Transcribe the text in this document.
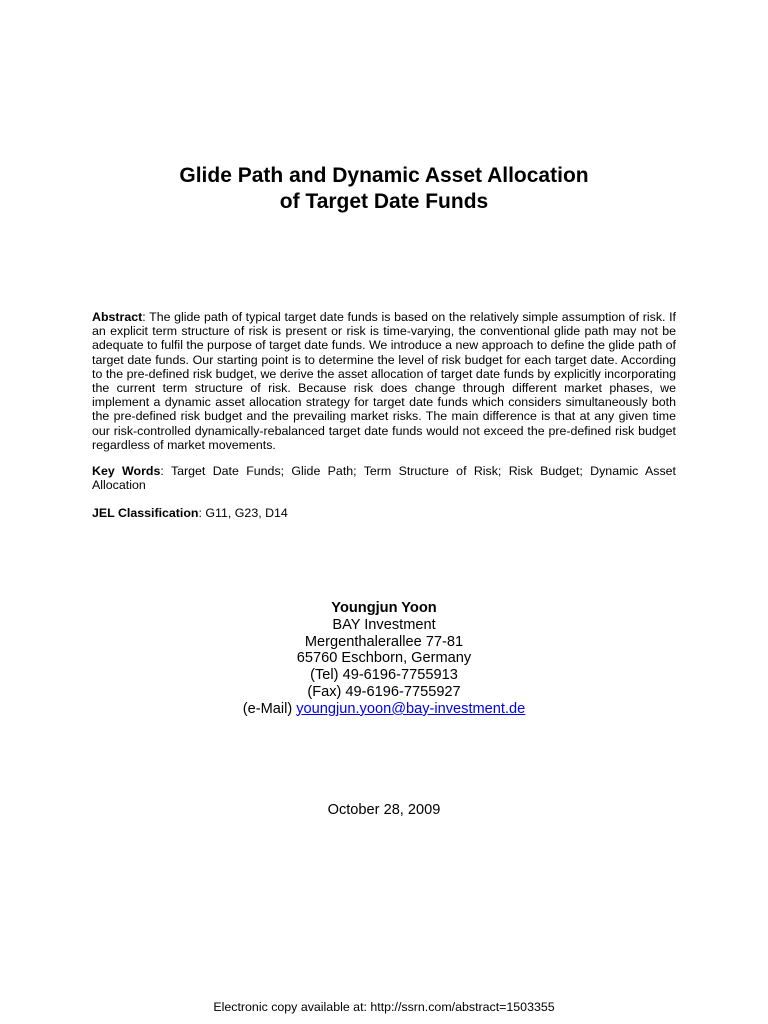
Glide Path and Dynamic Asset Allocation
of Target Date Funds
Abstract: The glide path of typical target date funds is based on the relatively simple assumption of risk. If an explicit term structure of risk is present or risk is time-varying, the conventional glide path may not be adequate to fulfil the purpose of target date funds. We introduce a new approach to define the glide path of target date funds. Our starting point is to determine the level of risk budget for each target date. According to the pre-defined risk budget, we derive the asset allocation of target date funds by explicitly incorporating the current term structure of risk. Because risk does change through different market phases, we implement a dynamic asset allocation strategy for target date funds which considers simultaneously both the pre-defined risk budget and the prevailing market risks. The main difference is that at any given time our risk-controlled dynamically-rebalanced target date funds would not exceed the pre-defined risk budget regardless of market movements.
Key Words: Target Date Funds; Glide Path; Term Structure of Risk; Risk Budget; Dynamic Asset Allocation
JEL Classification: G11, G23, D14
Youngjun Yoon
BAY Investment
Mergenthalerallee 77-81
65760 Eschborn, Germany
(Tel) 49-6196-7755913
(Fax) 49-6196-7755927
(e-Mail) youngjun.yoon@bay-investment.de
October 28, 2009
Electronic copy available at: http://ssrn.com/abstract=1503355
